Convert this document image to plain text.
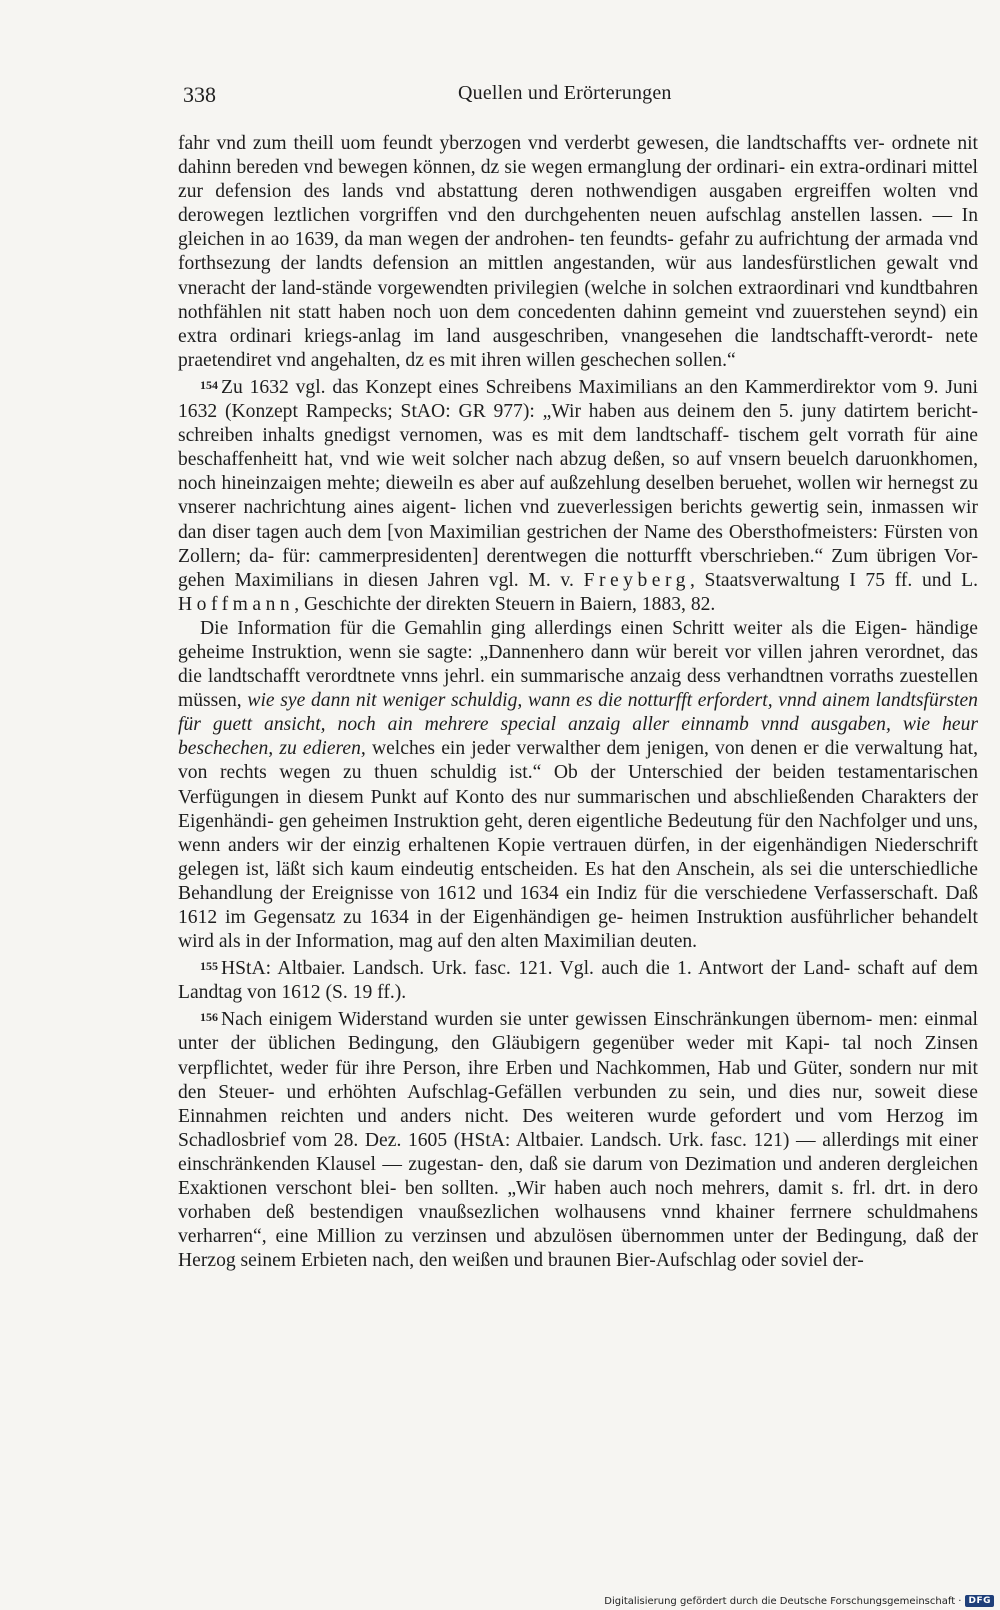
338	Quellen und Erörterungen

fahr vnd zum theill uom feundt yberzogen vnd verderbt gewesen, die landtschaffts ver- ordnete nit dahinn bereden vnd bewegen können, dz sie wegen ermanglung der ordinari- ein extra-ordinari mittel zur defension des lands vnd abstattung deren nothwendigen ausgaben ergreiffen wolten vnd derowegen leztlichen vorgriffen vnd den durchgehenten neuen aufschlag anstellen lassen. — In gleichen in ao 1639, da man wegen der androhen- ten feundts- gefahr zu aufrichtung der armada vnd forthsezung der landts defension an mittlen angestanden, wür aus landesfürstlichen gewalt vnd vneracht der land-stände vorgewendten privilegien (welche in solchen extraordinari vnd kundtbahren nothfählen nit statt haben noch uon dem concedenten dahinn gemeint vnd zuuerstehen seynd) ein extra ordinari kriegs-anlag im land ausgeschriben, vnangesehen die landtschafft-verordt- nete praetendiret vnd angehalten, dz es mit ihren willen geschechen sollen.“

$^{154}$ Zu 1632 vgl. das Konzept eines Schreibens Maximilians an den Kammerdirektor vom 9. Juni 1632 (Konzept Rampecks; StAO: GR 977): „Wir haben aus deinem den 5. juny datirtem bericht-schreiben inhalts gnedigst vernomen, was es mit dem landtschaff- tischem gelt vorrath für aine beschaffenheitt hat, vnd wie weit solcher nach abzug deßen, so auf vnsern beuelch daruonkhomen, noch hineinzaigen mehte; dieweiln es aber auf außzehlung deselben beruehet, wollen wir hernegst zu vnserer nachrichtung aines aigent- lichen vnd zueverlessigen berichts gewertig sein, inmassen wir dan diser tagen auch dem [von Maximilian gestrichen der Name des Obersthofmeisters: Fürsten von Zollern; da- für: cammerpresidenten] derentwegen die notturfft vberschrieben.“ Zum übrigen Vor- gehen Maximilians in diesen Jahren vgl. M. v. Freyberg, Staatsverwaltung I 75 ff. und L. Hoffmann, Geschichte der direkten Steuern in Baiern, 1883, 82.

Die Information für die Gemahlin ging allerdings einen Schritt weiter als die Eigen- händige geheime Instruktion, wenn sie sagte: „Dannenhero dann wür bereit vor villen jahren verordnet, das die landtschafft verordtnete vnns jehrl. ein summarische anzaig dess verhandtnen vorraths zuestellen müssen, wie sye dann nit weniger schuldig, wann es die notturfft erfordert, vnnd ainem landtsfürsten für guett ansicht, noch ain mehrere special anzaig aller einnamb vnnd ausgaben, wie heur beschechen, zu edieren, welches ein jeder verwalther dem jenigen, von denen er die verwaltung hat, von rechts wegen zu thuen schuldig ist.“ Ob der Unterschied der beiden testamentarischen Verfügungen in diesem Punkt auf Konto des nur summarischen und abschließenden Charakters der Eigenhändi- gen geheimen Instruktion geht, deren eigentliche Bedeutung für den Nachfolger und uns, wenn anders wir der einzig erhaltenen Kopie vertrauen dürfen, in der eigenhändigen Niederschrift gelegen ist, läßt sich kaum eindeutig entscheiden. Es hat den Anschein, als sei die unterschiedliche Behandlung der Ereignisse von 1612 und 1634 ein Indiz für die verschiedene Verfasserschaft. Daß 1612 im Gegensatz zu 1634 in der Eigenhändigen ge- heimen Instruktion ausführlicher behandelt wird als in der Information, mag auf den alten Maximilian deuten.

$^{155}$ HStA: Altbaier. Landsch. Urk. fasc. 121. Vgl. auch die 1. Antwort der Land- schaft auf dem Landtag von 1612 (S. 19 ff.).

$^{156}$ Nach einigem Widerstand wurden sie unter gewissen Einschränkungen übernom- men: einmal unter der üblichen Bedingung, den Gläubigern gegenüber weder mit Kapi- tal noch Zinsen verpflichtet, weder für ihre Person, ihre Erben und Nachkommen, Hab und Güter, sondern nur mit den Steuer- und erhöhten Aufschlag-Gefällen verbunden zu sein, und dies nur, soweit diese Einnahmen reichten und anders nicht. Des weiteren wurde gefordert und vom Herzog im Schadlosbrief vom 28. Dez. 1605 (HStA: Altbaier. Landsch. Urk. fasc. 121) — allerdings mit einer einschränkenden Klausel — zugestan- den, daß sie darum von Dezimation und anderen dergleichen Exaktionen verschont blei- ben sollten. „Wir haben auch noch mehrers, damit s. frl. drt. in dero vorhaben deß bestendigen vnaußsezlichen wolhausens vnnd khainer ferrnere schuldmahens verharren“, eine Million zu verzinsen und abzulösen übernommen unter der Bedingung, daß der Herzog seinem Erbieten nach, den weißen und braunen Bier-Aufschlag oder soviel der-

Digitalisierung gefördert durch die Deutsche Forschungsgemeinschaft · DFG
